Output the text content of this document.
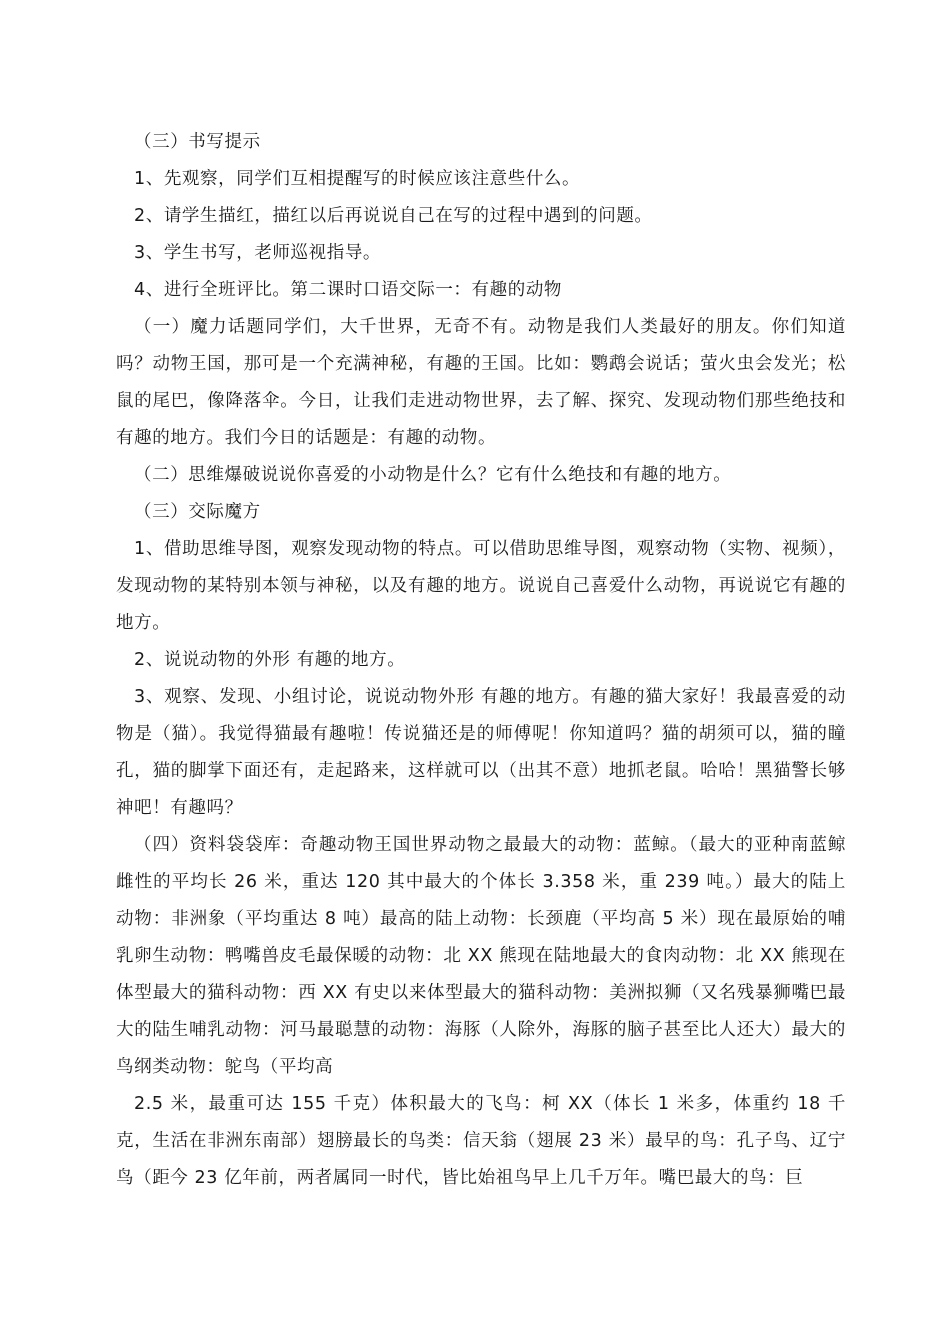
（三）书写提示

1、先观察，同学们互相提醒写的时候应该注意些什么。

2、请学生描红，描红以后再说说自己在写的过程中遇到的问题。

3、学生书写，老师巡视指导。

4、进行全班评比。第二课时口语交际一：有趣的动物

（一）魔力话题同学们，大千世界，无奇不有。动物是我们人类最好的朋友。你们知道吗？动物王国，那可是一个充满神秘，有趣的王国。比如：鹦鹉会说话；萤火虫会发光；松鼠的尾巴，像降落伞。今日，让我们走进动物世界，去了解、探究、发现动物们那些绝技和有趣的地方。我们今日的话题是：有趣的动物。

（二）思维爆破说说你喜爱的小动物是什么？它有什么绝技和有趣的地方。

（三）交际魔方

1、借助思维导图，观察发现动物的特点。可以借助思维导图，观察动物（实物、视频），发现动物的某特别本领与神秘，以及有趣的地方。说说自己喜爱什么动物，再说说它有趣的地方。

2、说说动物的外形 有趣的地方。

3、观察、发现、小组讨论，说说动物外形 有趣的地方。有趣的猫大家好！我最喜爱的动物是（猫）。我觉得猫最有趣啦！传说猫还是的师傅呢！你知道吗？猫的胡须可以，猫的瞳孔，猫的脚掌下面还有，走起路来，这样就可以（出其不意）地抓老鼠。哈哈！黑猫警长够神吧！有趣吗？

（四）资料袋袋库：奇趣动物王国世界动物之最最大的动物：蓝鲸。（最大的亚种南蓝鲸雌性的平均长 26 米，重达 120 其中最大的个体长 3.358 米，重 239 吨。）最大的陆上动物：非洲象（平均重达 8 吨）最高的陆上动物：长颈鹿（平均高 5 米）现在最原始的哺乳卵生动物：鸭嘴兽皮毛最保暖的动物：北 XX 熊现在陆地最大的食肉动物：北 XX 熊现在体型最大的猫科动物：西 XX 有史以来体型最大的猫科动物：美洲拟狮（又名残暴狮嘴巴最大的陆生哺乳动物：河马最聪慧的动物：海豚（人除外，海豚的脑子甚至比人还大）最大的鸟纲类动物：鸵鸟（平均高

2.5 米，最重可达 155 千克）体积最大的飞鸟：柯 XX（体长 1 米多，体重约 18 千克，生活在非洲东南部）翅膀最长的鸟类：信天翁（翅展 23 米）最早的鸟：孔子鸟、辽宁鸟（距今 23 亿年前，两者属同一时代，皆比始祖鸟早上几千万年。嘴巴最大的鸟：巨
